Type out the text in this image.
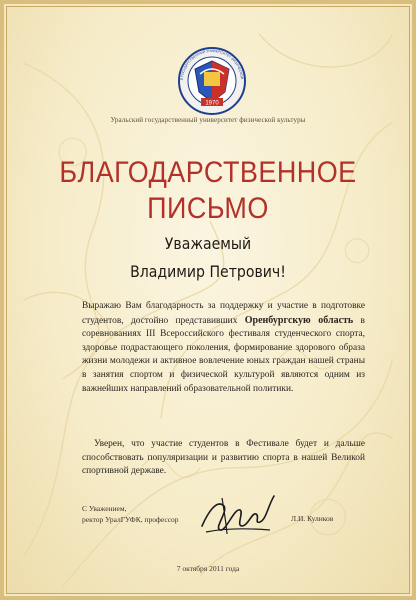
1970
Й ГОСУДАРСТВЕННЫЙ УНИВЕРСИТЕТ ФИЗИЧЕСКОЙ
Уральский государственный университет физической культуры
БЛАГОДАРСТВЕННОЕ
ПИСЬМО
Уважаемый
Владимир Петрович!
Выражаю Вам благодарность за поддержку и участие в подготовке студентов, достойно представивших Оренбургскую область в соревнованиях III Всероссийского фестиваля студенческого спорта, здоровье подрастающего поколения, формирование здорового образа жизни молодежи и активное вовлечение юных граждан нашей страны в занятия спортом и физической культурой являются одним из важнейших направлений образовательной политики.
Уверен, что участие студентов в Фестивале будет и дальше способствовать популяризации и развитию спорта в нашей Великой спортивной державе.
С Уважением,
ректор УралГУФК, профессор	Л.И. Куликов
7 октября 2011 года
